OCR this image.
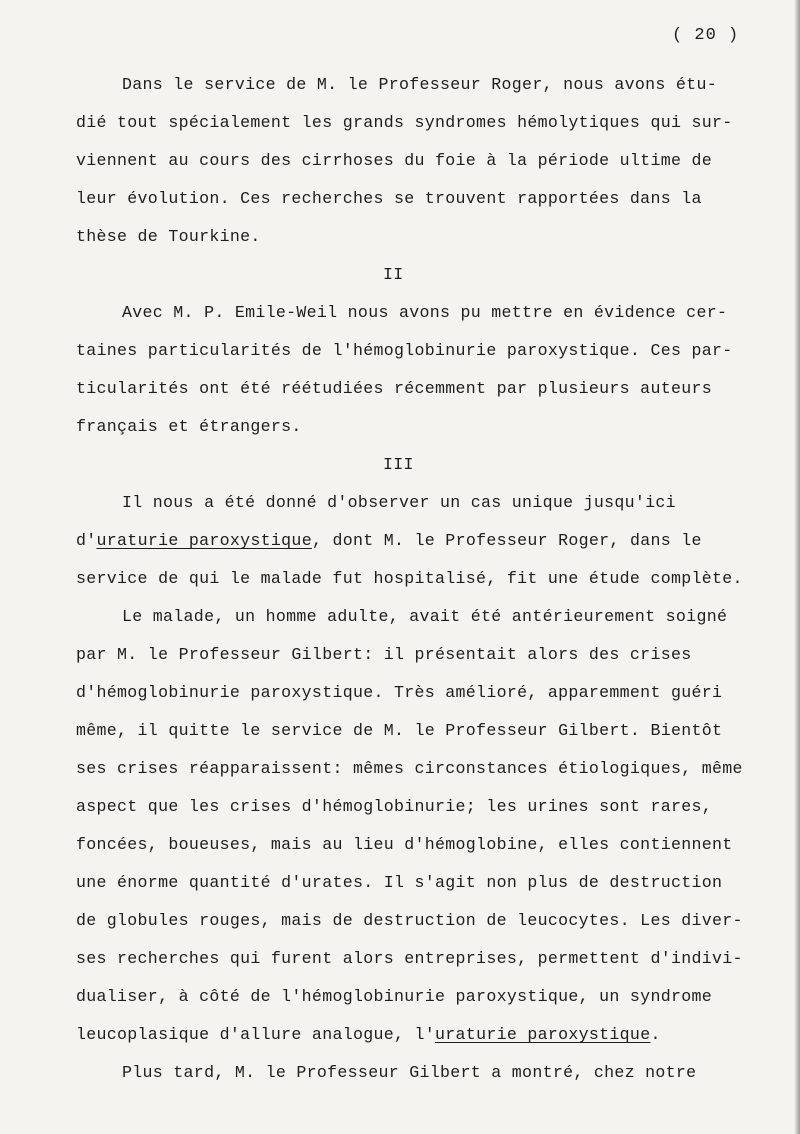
( 20 )
Dans le service de M. le Professeur Roger, nous avons étu-
dié tout spécialement les grands syndromes hémolytiques qui sur-
viennent au cours des cirrhoses du foie à la période ultime de
leur évolution. Ces recherches se trouvent rapportées dans la
thèse de Tourkine.
II
Avec M. P. Emile-Weil nous avons pu mettre en évidence cer-
taines particularités de l'hémoglobinurie paroxystique. Ces par-
ticularités ont été réétudiées récemment par plusieurs auteurs
français et étrangers.
III
Il nous a été donné d'observer un cas unique jusqu'ici
d'uraturie paroxystique, dont M. le Professeur Roger, dans le
service de qui le malade fut hospitalisé, fit une étude complète.
Le malade, un homme adulte, avait été antérieurement soigné
par M. le Professeur Gilbert: il présentait alors des crises
d'hémoglobinurie paroxystique. Très amélioré, apparemment guéri
même, il quitte le service de M. le Professeur Gilbert. Bientôt
ses crises réapparaissent: mêmes circonstances étiologiques, même
aspect que les crises d'hémoglobinurie; les urines sont rares,
foncées, boueuses, mais au lieu d'hémoglobine, elles contiennent
une énorme quantité d'urates. Il s'agit non plus de destruction
de globules rouges, mais de destruction de leucocytes. Les diver-
ses recherches qui furent alors entreprises, permettent d'indivi-
dualiser, à côté de l'hémoglobinurie paroxystique, un syndrome
leucoplasique d'allure analogue, l'uraturie paroxystique.
Plus tard, M. le Professeur Gilbert a montré, chez notre
